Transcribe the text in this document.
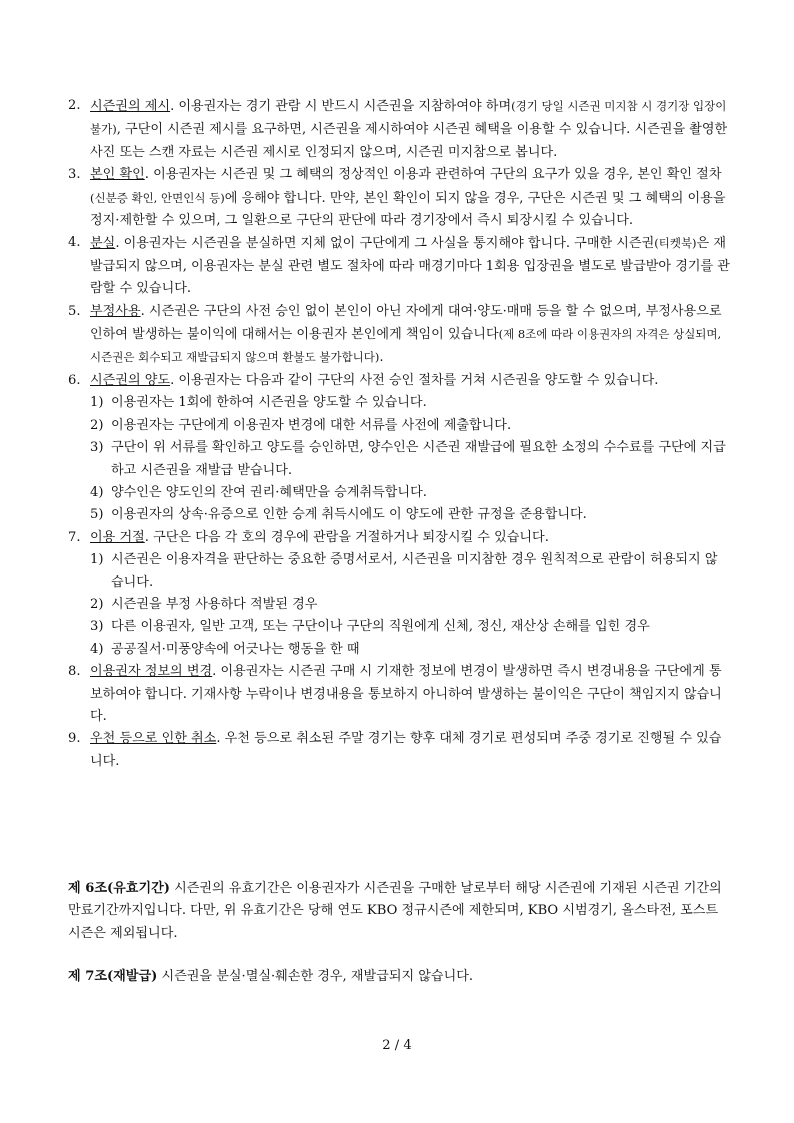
2. 시즌권의 제시. 이용권자는 경기 관람 시 반드시 시즌권을 지참하여야 하며(경기 당일 시즌권 미지참 시 경기장 입장이 불가), 구단이 시즌권 제시를 요구하면, 시즌권을 제시하여야 시즌권 혜택을 이용할 수 있습니다. 시즌권을 촬영한 사진 또는 스캔 자료는 시즌권 제시로 인정되지 않으며, 시즌권 미지참으로 봅니다.
3. 본인 확인. 이용권자는 시즌권 및 그 혜택의 정상적인 이용과 관련하여 구단의 요구가 있을 경우, 본인 확인 절차(신분증 확인, 안면인식 등)에 응해야 합니다. 만약, 본인 확인이 되지 않을 경우, 구단은 시즌권 및 그 혜택의 이용을 정지·제한할 수 있으며, 그 일환으로 구단의 판단에 따라 경기장에서 즉시 퇴장시킬 수 있습니다.
4. 분실. 이용권자는 시즌권을 분실하면 지체 없이 구단에게 그 사실을 통지해야 합니다. 구매한 시즌권(티켓북)은 재발급되지 않으며, 이용권자는 분실 관련 별도 절차에 따라 매경기마다 1회용 입장권을 별도로 발급받아 경기를 관람할 수 있습니다.
5. 부정사용. 시즌권은 구단의 사전 승인 없이 본인이 아닌 자에게 대여·양도·매매 등을 할 수 없으며, 부정사용으로 인하여 발생하는 불이익에 대해서는 이용권자 본인에게 책임이 있습니다(제 8조에 따라 이용권자의 자격은 상실되며, 시즌권은 회수되고 재발급되지 않으며 환불도 불가합니다).
6. 시즌권의 양도. 이용권자는 다음과 같이 구단의 사전 승인 절차를 거쳐 시즌권을 양도할 수 있습니다.
1) 이용권자는 1회에 한하여 시즌권을 양도할 수 있습니다.
2) 이용권자는 구단에게 이용권자 변경에 대한 서류를 사전에 제출합니다.
3) 구단이 위 서류를 확인하고 양도를 승인하면, 양수인은 시즌권 재발급에 필요한 소정의 수수료를 구단에 지급하고 시즌권을 재발급 받습니다.
4) 양수인은 양도인의 잔여 권리·혜택만을 승계취득합니다.
5) 이용권자의 상속·유증으로 인한 승계 취득시에도 이 양도에 관한 규정을 준용합니다.
7. 이용 거절. 구단은 다음 각 호의 경우에 관람을 거절하거나 퇴장시킬 수 있습니다.
1) 시즌권은 이용자격을 판단하는 중요한 증명서로서, 시즌권을 미지참한 경우 원칙적으로 관람이 허용되지 않습니다.
2) 시즌권을 부정 사용하다 적발된 경우
3) 다른 이용권자, 일반 고객, 또는 구단이나 구단의 직원에게 신체, 정신, 재산상 손해를 입힌 경우
4) 공공질서·미풍양속에 어긋나는 행동을 한 때
8. 이용권자 정보의 변경. 이용권자는 시즌권 구매 시 기재한 정보에 변경이 발생하면 즉시 변경내용을 구단에게 통보하여야 합니다. 기재사항 누락이나 변경내용을 통보하지 아니하여 발생하는 불이익은 구단이 책임지지 않습니다.
9. 우천 등으로 인한 취소. 우천 등으로 취소된 주말 경기는 향후 대체 경기로 편성되며 주중 경기로 진행될 수 있습니다.

제 6조(유효기간) 시즌권의 유효기간은 이용권자가 시즌권을 구매한 날로부터 해당 시즌권에 기재된 시즌권 기간의 만료기간까지입니다. 다만, 위 유효기간은 당해 연도 KBO 정규시즌에 제한되며, KBO 시범경기, 올스타전, 포스트시즌은 제외됩니다.

제 7조(재발급) 시즌권을 분실·멸실·훼손한 경우, 재발급되지 않습니다.

2 / 4
